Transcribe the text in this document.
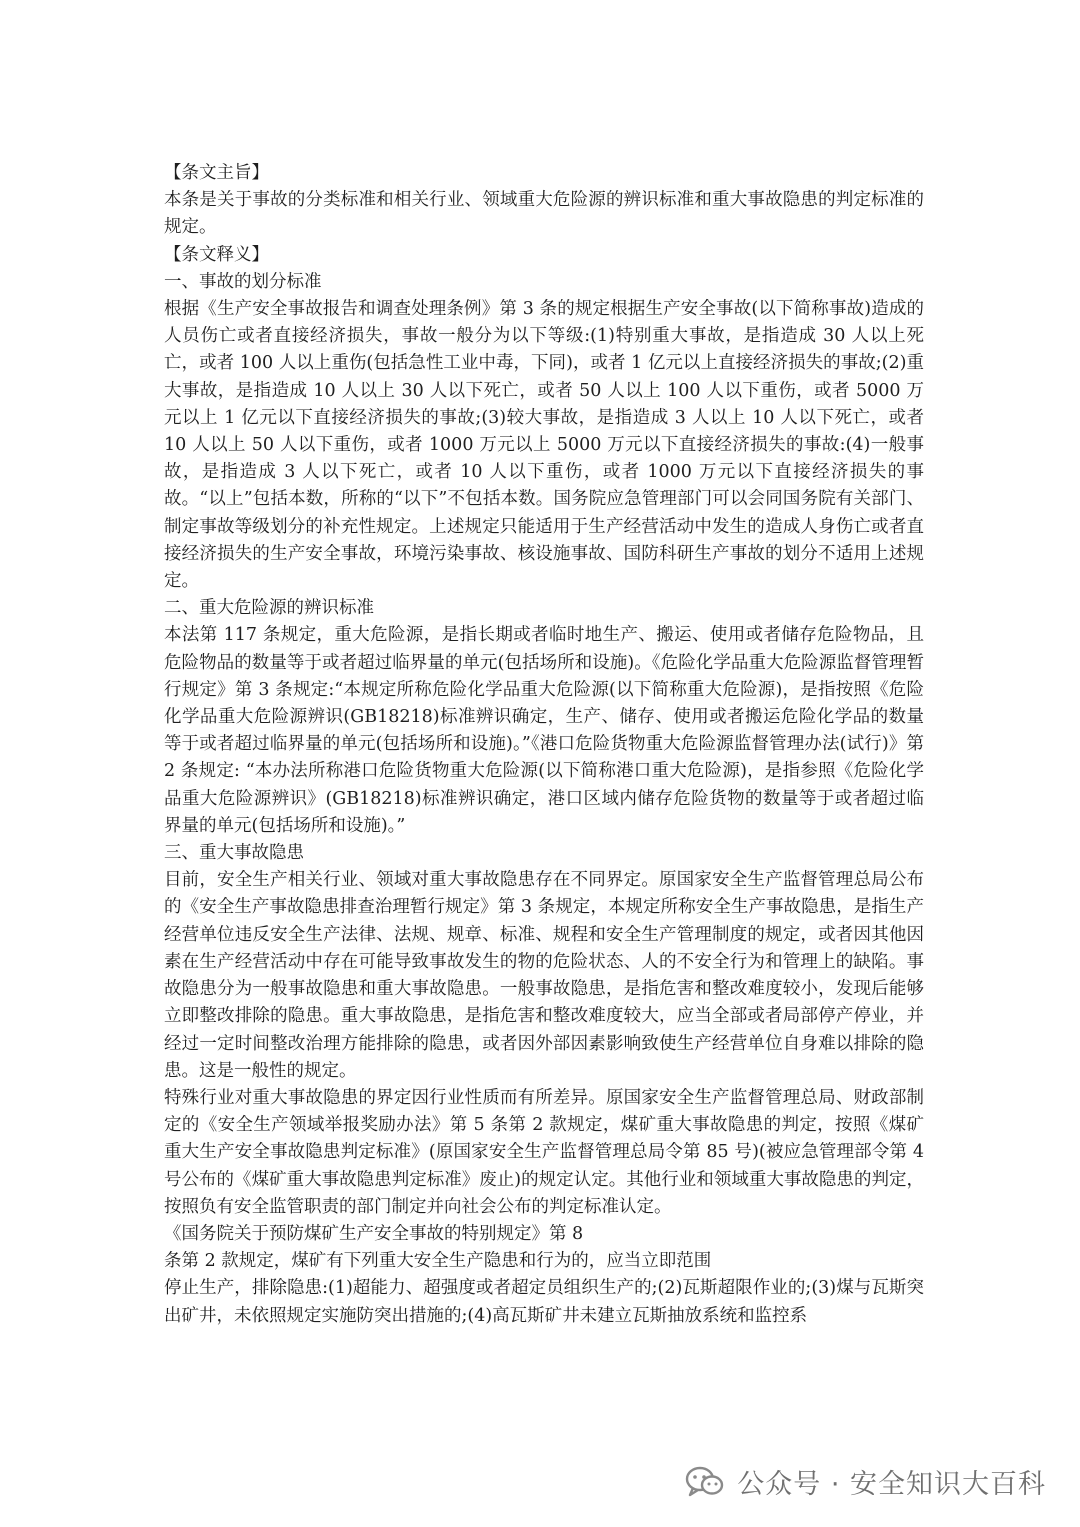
【条文主旨】

本条是关于事故的分类标准和相关行业、领域重大危险源的辨识标准和重大事故隐患的判定标准的规定。

【条文释义】
一、事故的划分标准

根据《生产安全事故报告和调查处理条例》第 3 条的规定根据生产安全事故(以下简称事故)造成的人员伤亡或者直接经济损失，事故一般分为以下等级:(1)特别重大事故，是指造成 30 人以上死亡，或者 100 人以上重伤(包括急性工业中毒，下同)，或者 1 亿元以上直接经济损失的事故;(2)重大事故，是指造成 10 人以上 30 人以下死亡，或者 50 人以上 100 人以下重伤，或者 5000 万元以上 1 亿元以下直接经济损失的事故;(3)较大事故，是指造成 3 人以上 10 人以下死亡，或者 10 人以上 50 人以下重伤，或者 1000 万元以上 5000 万元以下直接经济损失的事故:(4)一般事故，是指造成 3 人以下死亡，或者 10 人以下重伤，或者 1000 万元以下直接经济损失的事故。“以上”包括本数，所称的“以下”不包括本数。国务院应急管理部门可以会同国务院有关部门、制定事故等级划分的补充性规定。上述规定只能适用于生产经营活动中发生的造成人身伤亡或者直接经济损失的生产安全事故，环境污染事故、核设施事故、国防科研生产事故的划分不适用上述规定。

二、重大危险源的辨识标准

本法第 117 条规定，重大危险源，是指长期或者临时地生产、搬运、使用或者储存危险物品，且危险物品的数量等于或者超过临界量的单元(包括场所和设施)。《危险化学品重大危险源监督管理暂行规定》第 3 条规定:“本规定所称危险化学品重大危险源(以下简称重大危险源)，是指按照《危险化学品重大危险源辨识(GB18218)标准辨识确定，生产、储存、使用或者搬运危险化学品的数量等于或者超过临界量的单元(包括场所和设施)。”《港口危险货物重大危险源监督管理办法(试行)》第 2 条规定: “本办法所称港口危险货物重大危险源(以下简称港口重大危险源)，是指参照《危险化学品重大危险源辨识》(GB18218)标准辨识确定，港口区域内储存危险货物的数量等于或者超过临界量的单元(包括场所和设施)。”

三、重大事故隐患

目前，安全生产相关行业、领域对重大事故隐患存在不同界定。原国家安全生产监督管理总局公布的《安全生产事故隐患排查治理暂行规定》第 3 条规定，本规定所称安全生产事故隐患，是指生产经营单位违反安全生产法律、法规、规章、标准、规程和安全生产管理制度的规定，或者因其他因素在生产经营活动中存在可能导致事故发生的物的危险状态、人的不安全行为和管理上的缺陷。事故隐患分为一般事故隐患和重大事故隐患。一般事故隐患，是指危害和整改难度较小，发现后能够立即整改排除的隐患。重大事故隐患，是指危害和整改难度较大，应当全部或者局部停产停业，并经过一定时间整改治理方能排除的隐患，或者因外部因素影响致使生产经营单位自身难以排除的隐患。这是一般性的规定。

特殊行业对重大事故隐患的界定因行业性质而有所差异。原国家安全生产监督管理总局、财政部制定的《安全生产领域举报奖励办法》第 5 条第 2 款规定，煤矿重大事故隐患的判定，按照《煤矿重大生产安全事故隐患判定标准》(原国家安全生产监督管理总局令第 85 号)(被应急管理部令第 4 号公布的《煤矿重大事故隐患判定标准》废止)的规定认定。其他行业和领域重大事故隐患的判定，按照负有安全监管职责的部门制定并向社会公布的判定标准认定。

《国务院关于预防煤矿生产安全事故的特别规定》第 8
条第 2 款规定，煤矿有下列重大安全生产隐患和行为的，应当立即范围

停止生产，排除隐患:(1)超能力、超强度或者超定员组织生产的;(2)瓦斯超限作业的;(3)煤与瓦斯突出矿井，未依照规定实施防突出措施的;(4)高瓦斯矿井未建立瓦斯抽放系统和监控系

公众号 · 安全知识大百科
